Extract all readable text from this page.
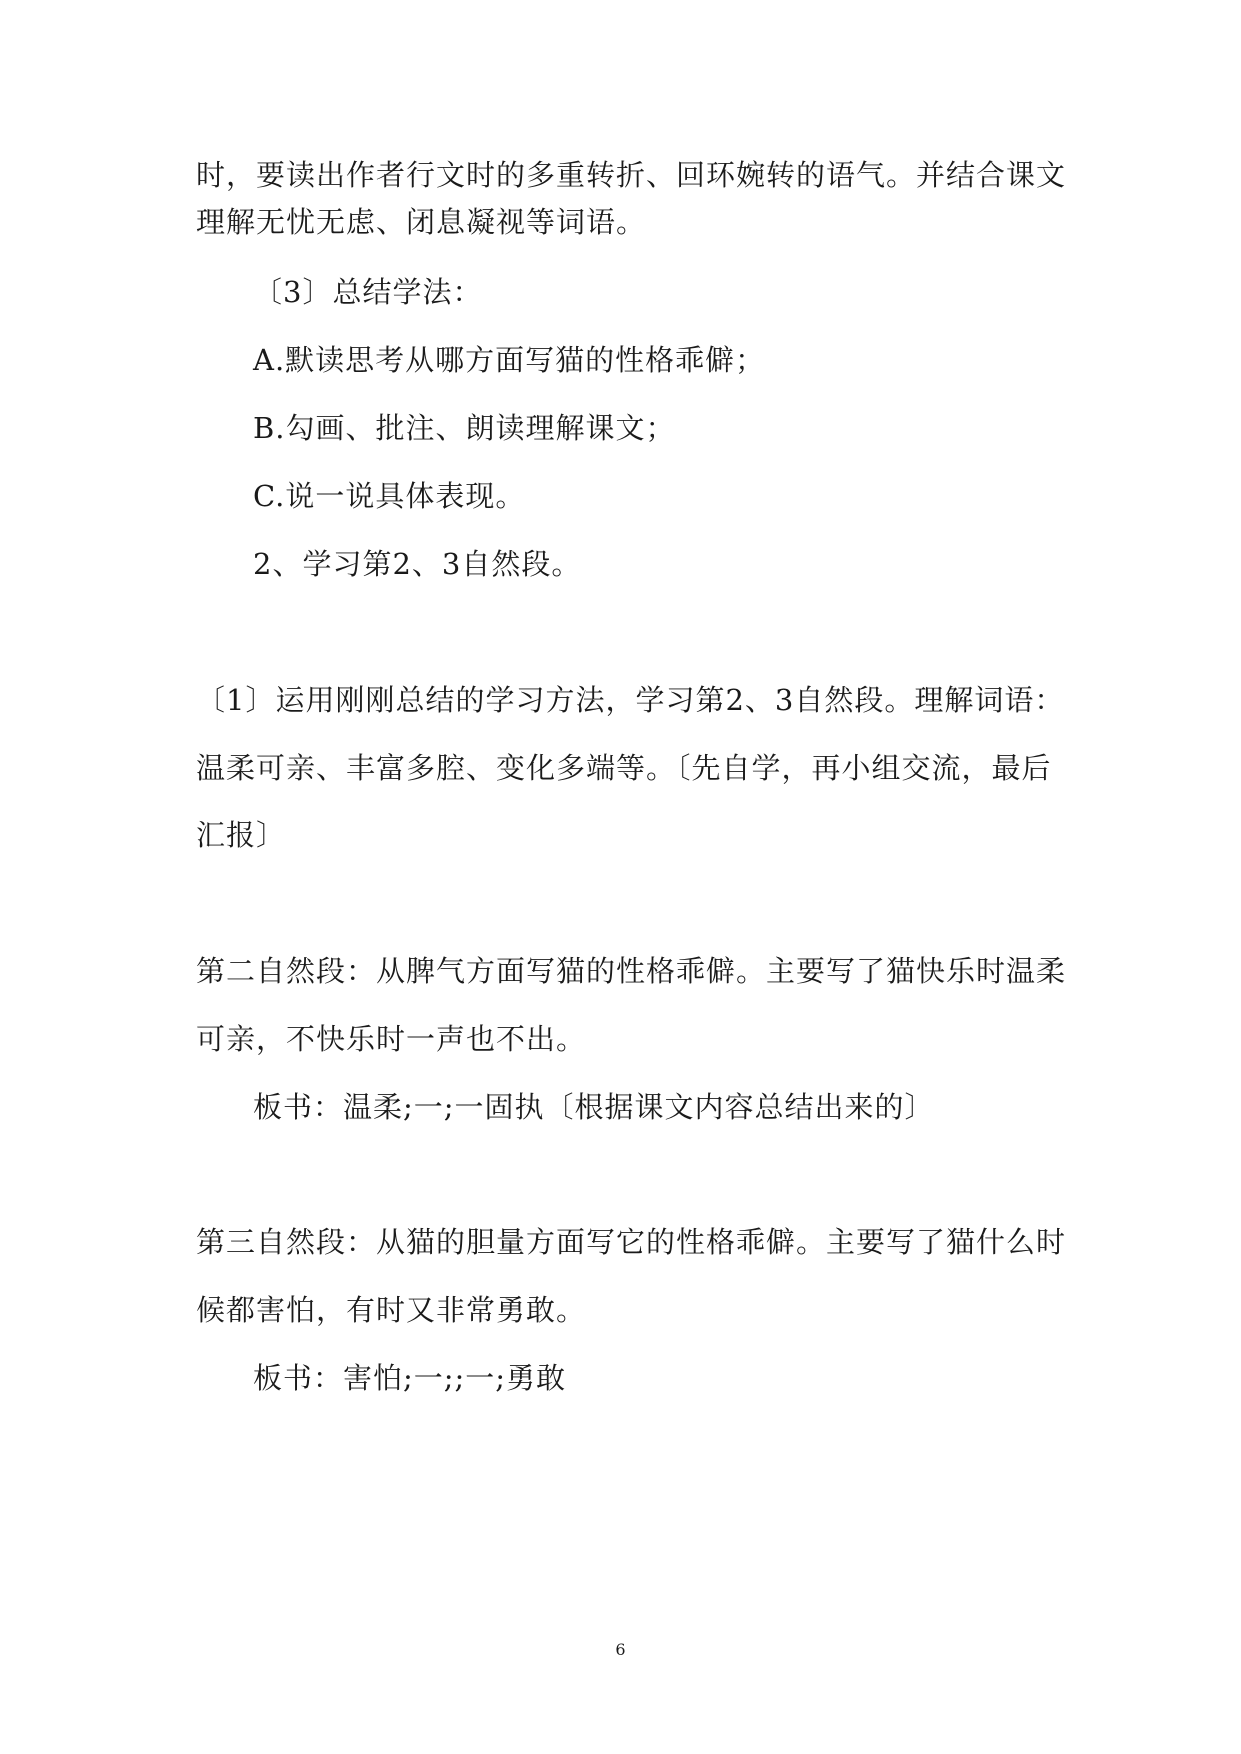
时，要读出作者行文时的多重转折、回环婉转的语气。并结合课文
理解无忧无虑、闭息凝视等词语。
〔3〕总结学法：
A.默读思考从哪方面写猫的性格乖僻；
B.勾画、批注、朗读理解课文；
C.说一说具体表现。
2、学习第2、3自然段。
〔1〕运用刚刚总结的学习方法，学习第2、3自然段。理解词语：
温柔可亲、丰富多腔、变化多端等。〔先自学，再小组交流，最后
汇报〕
第二自然段：从脾气方面写猫的性格乖僻。主要写了猫快乐时温柔
可亲，不快乐时一声也不出。
板书：温柔;一;一固执〔根据课文内容总结出来的〕
第三自然段：从猫的胆量方面写它的性格乖僻。主要写了猫什么时
候都害怕，有时又非常勇敢。
板书：害怕;一;;一;勇敢
6
